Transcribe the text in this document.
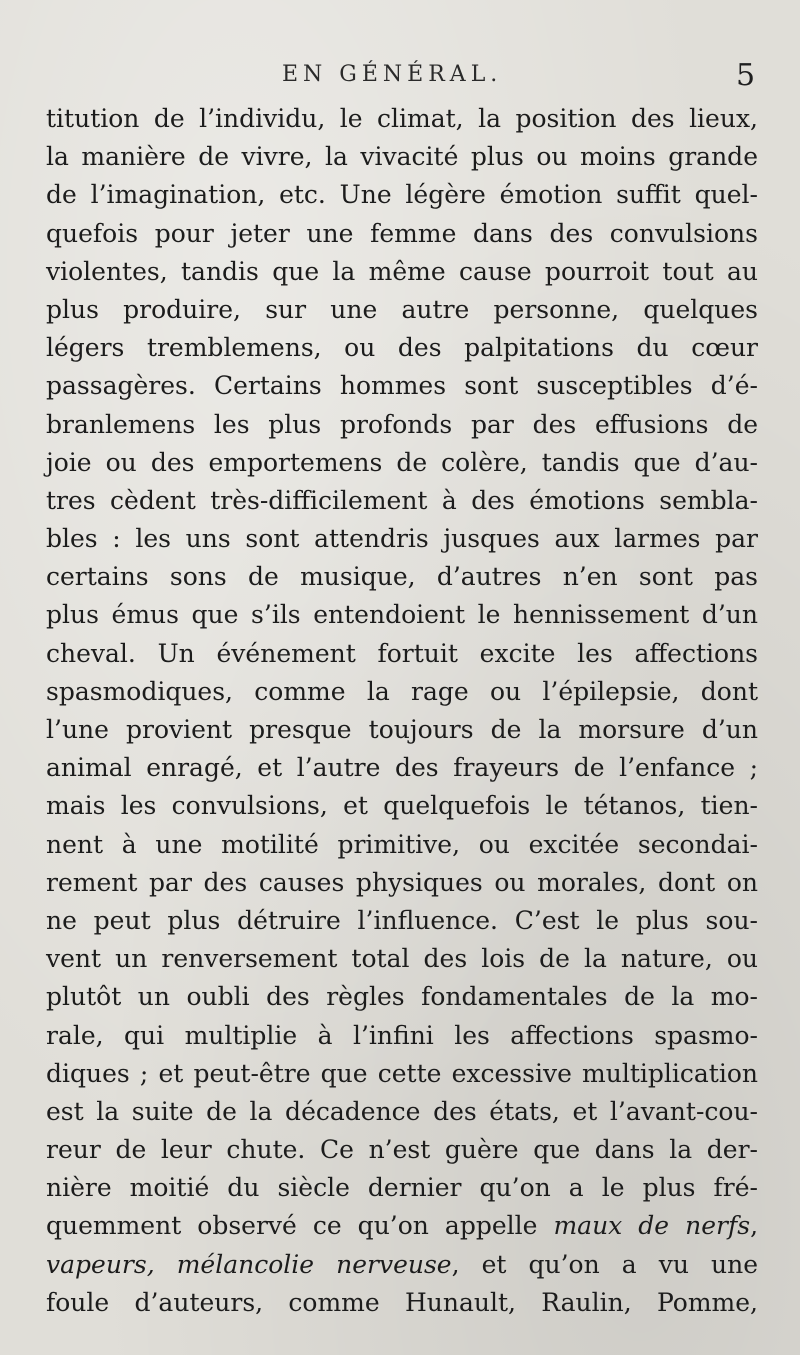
EN GÉNÉRAL.	5
titution de l’individu, le climat, la position des lieux,
la manière de vivre, la vivacité plus ou moins grande
de l’imagination, etc. Une légère émotion suffit quel-
quefois pour jeter une femme dans des convulsions
violentes, tandis que la même cause pourroit tout au
plus produire, sur une autre personne, quelques
légers tremblemens, ou des palpitations du cœur
passagères. Certains hommes sont susceptibles d’é-
branlemens les plus profonds par des effusions de
joie ou des emportemens de colère, tandis que d’au-
tres cèdent très-difficilement à des émotions sembla-
bles : les uns sont attendris jusques aux larmes par
certains sons de musique, d’autres n’en sont pas
plus émus que s’ils entendoient le hennissement d’un
cheval. Un événement fortuit excite les affections
spasmodiques, comme la rage ou l’épilepsie, dont
l’une provient presque toujours de la morsure d’un
animal enragé, et l’autre des frayeurs de l’enfance ;
mais les convulsions, et quelquefois le tétanos, tien-
nent à une motilité primitive, ou excitée secondai-
rement par des causes physiques ou morales, dont on
ne peut plus détruire l’influence. C’est le plus sou-
vent un renversement total des lois de la nature, ou
plutôt un oubli des règles fondamentales de la mo-
rale, qui multiplie à l’infini les affections spasmo-
diques ; et peut-être que cette excessive multiplication
est la suite de la décadence des états, et l’avant-cou-
reur de leur chute. Ce n’est guère que dans la der-
nière moitié du siècle dernier qu’on a le plus fré-
quemment observé ce qu’on appelle maux de nerfs,
vapeurs, mélancolie nerveuse, et qu’on a vu une
foule d’auteurs, comme Hunault, Raulin, Pomme,
